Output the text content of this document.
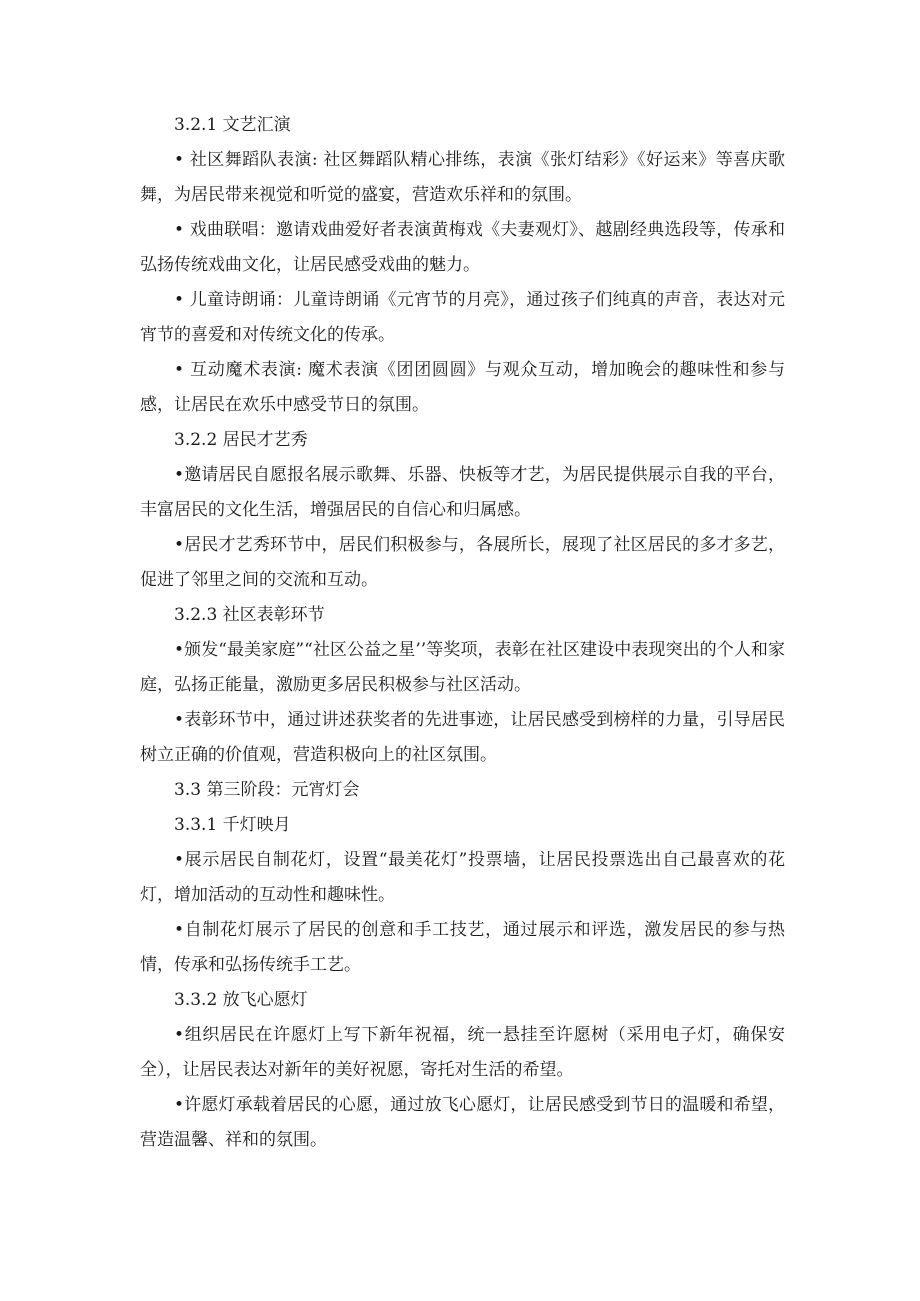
3.2.1 文艺汇演
• 社区舞蹈队表演: 社区舞蹈队精心排练，表演《张灯结彩》《好运来》等喜庆歌舞，为居民带来视觉和听觉的盛宴，营造欢乐祥和的氛围。
• 戏曲联唱：邀请戏曲爱好者表演黄梅戏《夫妻观灯》、越剧经典选段等，传承和弘扬传统戏曲文化，让居民感受戏曲的魅力。
• 儿童诗朗诵：儿童诗朗诵《元宵节的月亮》，通过孩子们纯真的声音，表达对元宵节的喜爱和对传统文化的传承。
• 互动魔术表演: 魔术表演《团团圆圆》与观众互动，增加晚会的趣味性和参与感，让居民在欢乐中感受节日的氛围。
3.2.2 居民才艺秀
•邀请居民自愿报名展示歌舞、乐器、快板等才艺，为居民提供展示自我的平台，丰富居民的文化生活，增强居民的自信心和归属感。
•居民才艺秀环节中，居民们积极参与，各展所长，展现了社区居民的多才多艺，促进了邻里之间的交流和互动。
3.2.3 社区表彰环节
•颁发“最美家庭”“社区公益之星’’等奖项，表彰在社区建设中表现突出的个人和家庭，弘扬正能量，激励更多居民积极参与社区活动。
•表彰环节中，通过讲述获奖者的先进事迹，让居民感受到榜样的力量，引导居民树立正确的价值观，营造积极向上的社区氛围。
3.3 第三阶段：元宵灯会
3.3.1 千灯映月
•展示居民自制花灯，设置“最美花灯”投票墙，让居民投票选出自己最喜欢的花灯，增加活动的互动性和趣味性。
•自制花灯展示了居民的创意和手工技艺，通过展示和评选，激发居民的参与热情，传承和弘扬传统手工艺。
3.3.2 放飞心愿灯
•组织居民在许愿灯上写下新年祝福，统一悬挂至许愿树（采用电子灯，确保安全），让居民表达对新年的美好祝愿，寄托对生活的希望。
•许愿灯承载着居民的心愿，通过放飞心愿灯，让居民感受到节日的温暖和希望，营造温馨、祥和的氛围。
